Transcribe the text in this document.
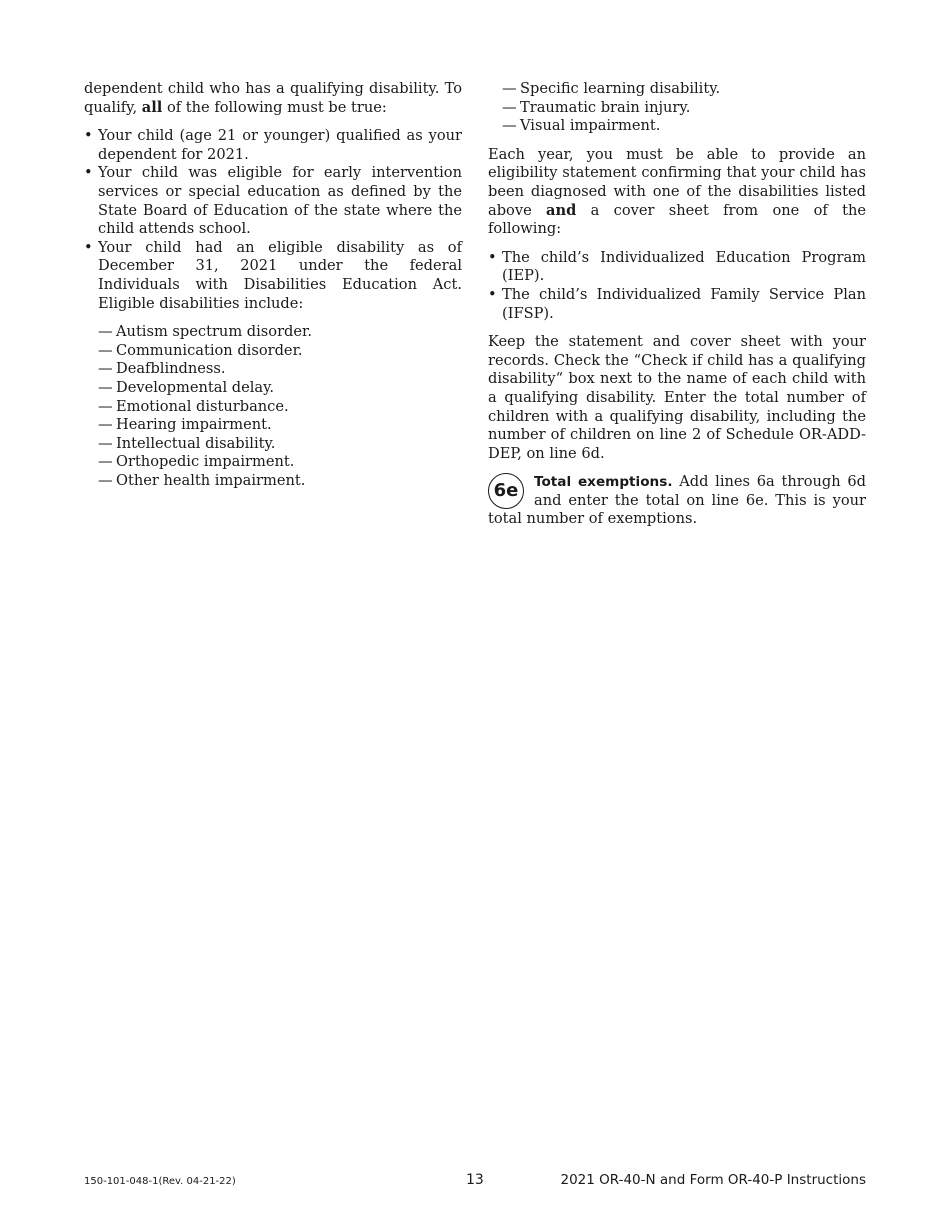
dependent child who has a qualifying disability. To qualify, all of the following must be true:

• Your child (age 21 or younger) qualified as your dependent for 2021.
• Your child was eligible for early intervention services or special education as defined by the State Board of Education of the state where the child attends school.
• Your child had an eligible disability as of December 31, 2021 under the federal Individuals with Disabilities Education Act. Eligible disabilities include:
— Autism spectrum disorder.
— Communication disorder.
— Deafblindness.
— Developmental delay.
— Emotional disturbance.
— Hearing impairment.
— Intellectual disability.
— Orthopedic impairment.
— Other health impairment.
— Specific learning disability.
— Traumatic brain injury.
— Visual impairment.

Each year, you must be able to provide an eligibility statement confirming that your child has been diagnosed with one of the disabilities listed above and a cover sheet from one of the following:

• The child’s Individualized Education Program (IEP).
• The child’s Individualized Family Service Plan (IFSP).

Keep the statement and cover sheet with your records. Check the “Check if child has a qualifying disability“ box next to the name of each child with a qualifying disability. Enter the total number of children with a qualifying disability, including the number of children on line 2 of Schedule OR-ADD-DEP, on line 6d.

6e	Total exemptions. Add lines 6a through 6d and enter the total on line 6e. This is your total number of exemptions.

150-101-048-1(Rev. 04-21-22)	13	2021 OR-40-N and Form OR-40-P Instructions
